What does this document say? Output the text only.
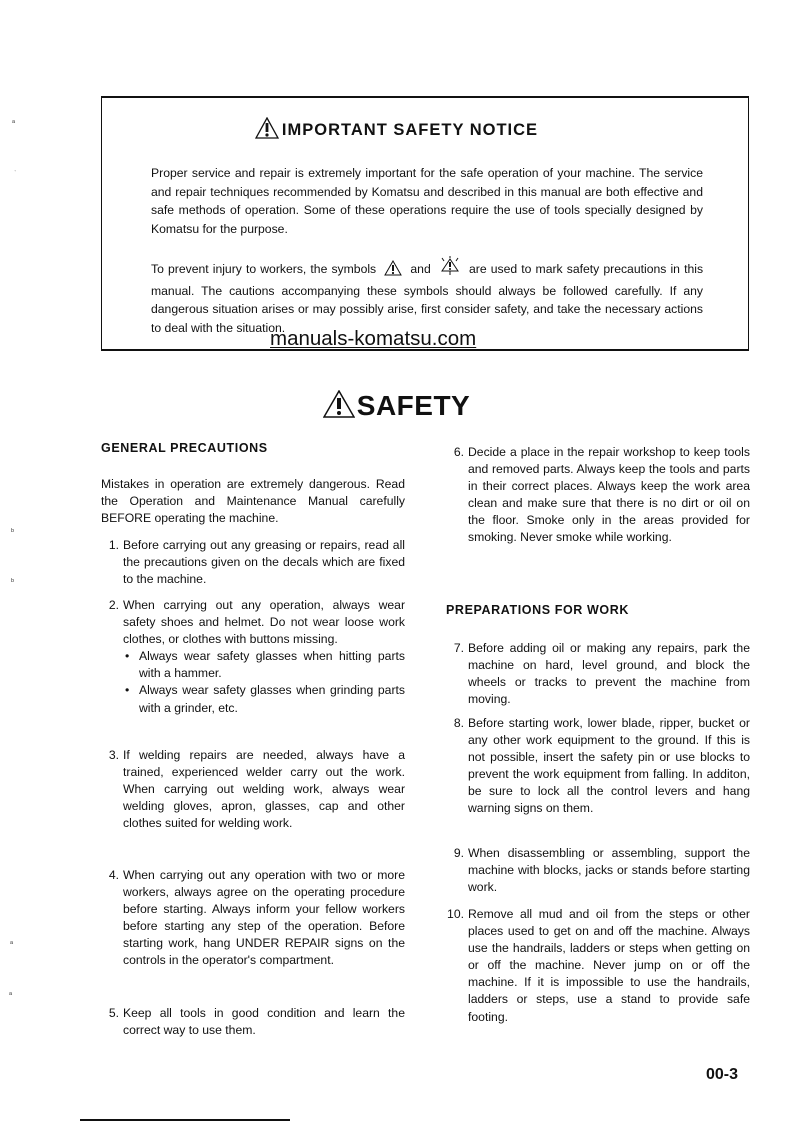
IMPORTANT SAFETY NOTICE

Proper service and repair is extremely important for the safe operation of your machine. The service and repair techniques recommended by Komatsu and described in this manual are both effective and safe methods of operation. Some of these operations require the use of tools specially designed by Komatsu for the purpose.

To prevent injury to workers, the symbols	and	are used to mark safety precautions in this manual. The cautions accompanying these symbols should always be followed carefully. If any dangerous situation arises or may possibly arise, first consider safety, and take the necessary actions to deal with the situation.

manuals-komatsu.com
SAFETY
GENERAL PRECAUTIONS

Mistakes in operation are extremely dangerous. Read the Operation and Maintenance Manual carefully BEFORE operating the machine.

1. Before carrying out any greasing or repairs, read all the precautions given on the decals which are fixed to the machine.
2. When carrying out any operation, always wear safety shoes and helmet. Do not wear loose work clothes, or clothes with buttons missing.
• Always wear safety glasses when hitting parts with a hammer.
• Always wear safety glasses when grinding parts with a grinder, etc.
3. If welding repairs are needed, always have a trained, experienced welder carry out the work. When carrying out welding work, always wear welding gloves, apron, glasses, cap and other clothes suited for welding work.
4. When carrying out any operation with two or more workers, always agree on the operating procedure before starting. Always inform your fellow workers before starting any step of the operation. Before starting work, hang UNDER REPAIR signs on the controls in the operator's compartment.
5. Keep all tools in good condition and learn the correct way to use them.
6. Decide a place in the repair workshop to keep tools and removed parts. Always keep the tools and parts in their correct places. Always keep the work area clean and make sure that there is no dirt or oil on the floor. Smoke only in the areas provided for smoking. Never smoke while working.
PREPARATIONS FOR WORK
7. Before adding oil or making any repairs, park the machine on hard, level ground, and block the wheels or tracks to prevent the machine from moving.
8. Before starting work, lower blade, ripper, bucket or any other work equipment to the ground. If this is not possible, insert the safety pin or use blocks to prevent the work equipment from falling. In additon, be sure to lock all the control levers and hang warning signs on them.
9. When disassembling or assembling, support the machine with blocks, jacks or stands before starting work.
10. Remove all mud and oil from the steps or other places used to get on and off the machine. Always use the handrails, ladders or steps when getting on or off the machine. Never jump on or off the machine. If it is impossible to use the handrails, ladders or steps, use a stand to provide safe footing.
00-3
ᵃ
ˑ
ᵇ
ᵇ
ᵃ
ᵃ
